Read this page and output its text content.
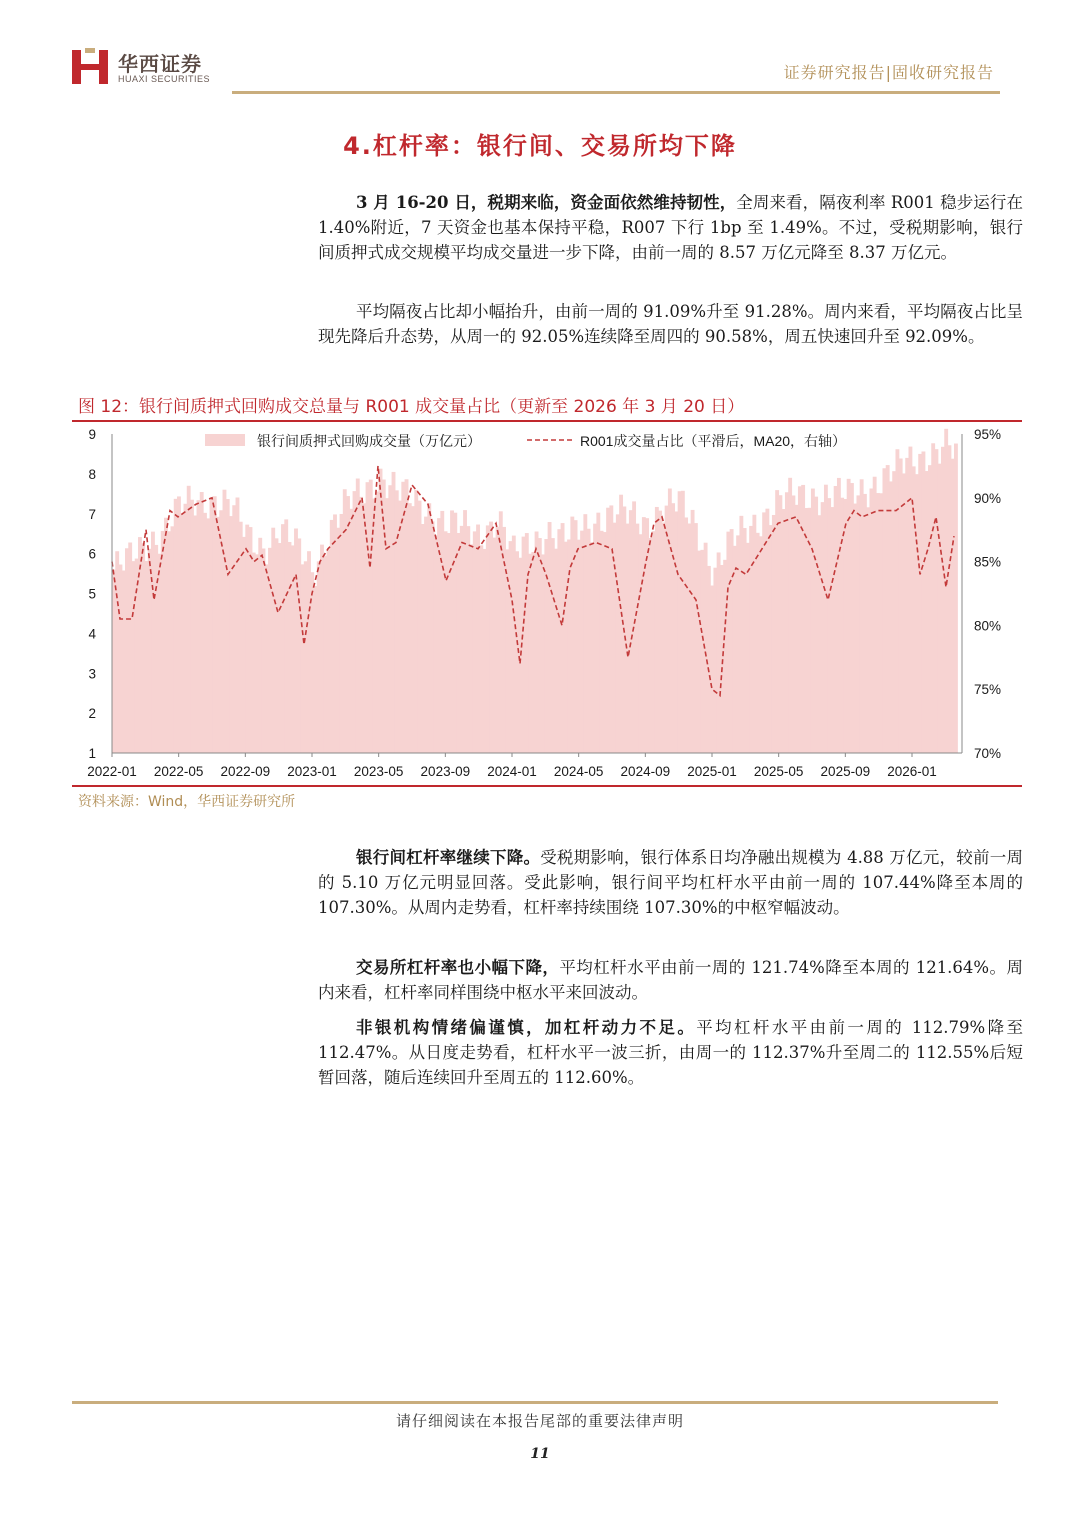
华西证券
HUAXI SECURITIES	证券研究报告|固收研究报告
4.杠杆率：银行间、交易所均下降
3 月 16-20 日，税期来临，资金面依然维持韧性，全周来看，隔夜利率 R001 稳步运行在 1.40%附近，7 天资金也基本保持平稳，R007 下行 1bp 至 1.49%。不过，受税期影响，银行间质押式成交规模平均成交量进一步下降，由前一周的 8.57 万亿元降至 8.37 万亿元。
平均隔夜占比却小幅抬升，由前一周的 91.09%升至 91.28%。周内来看，平均隔夜占比呈现先降后升态势，从周一的 92.05%连续降至周四的 90.58%，周五快速回升至 92.09%。
图 12：银行间质押式回购成交总量与 R001 成交量占比（更新至 2026 年 3 月 20 日）
9
8
7
6
5
4
3
2
1
95%
90%
85%
80%
75%
70%
2022-01 2022-05 2022-09 2023-01 2023-05 2023-09 2024-01 2024-05 2024-09 2025-01 2025-05 2025-09 2026-01
银行间质押式回购成交量（万亿元）	R001成交量占比（平滑后，MA20，右轴）
资料来源：Wind，华西证券研究所
银行间杠杆率继续下降。受税期影响，银行体系日均净融出规模为 4.88 万亿元，较前一周的 5.10 万亿元明显回落。受此影响，银行间平均杠杆水平由前一周的 107.44%降至本周的 107.30%。从周内走势看，杠杆率持续围绕 107.30%的中枢窄幅波动。
交易所杠杆率也小幅下降，平均杠杆水平由前一周的 121.74%降至本周的 121.64%。周内来看，杠杆率同样围绕中枢水平来回波动。
非银机构情绪偏谨慎，加杠杆动力不足。平均杠杆水平由前一周的 112.79%降至 112.47%。从日度走势看，杠杆水平一波三折，由周一的 112.37%升至周二的 112.55%后短暂回落，随后连续回升至周五的 112.60%。
请仔细阅读在本报告尾部的重要法律声明
11
